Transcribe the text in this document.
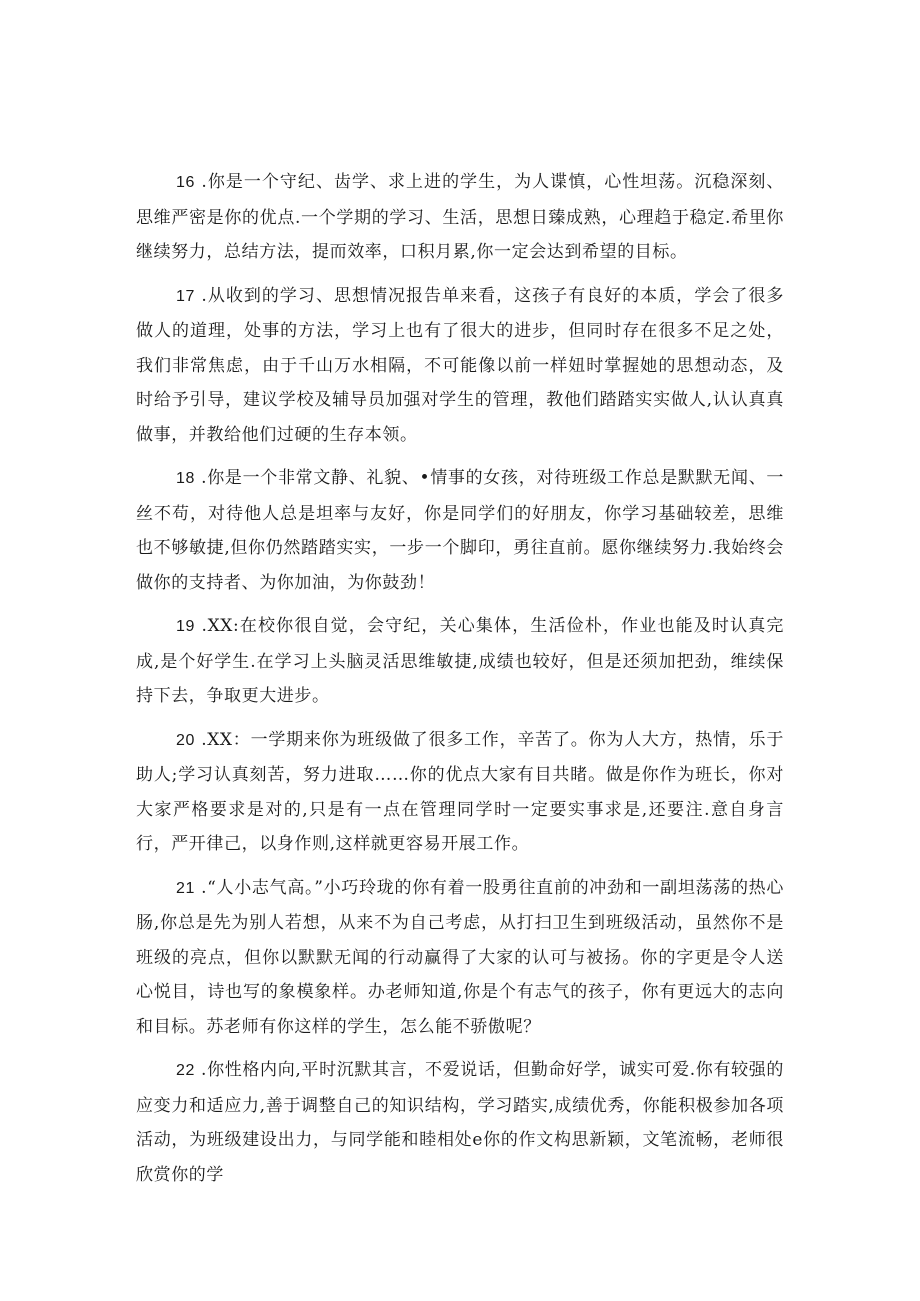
16 .你是一个守纪、齿学、求上进的学生，为人谍慎，心性坦荡。沉稳深刻、思维严密是你的优点.一个学期的学习、生活，思想日臻成熟，心理趋于稳定.希里你继续努力，总结方法，提而效率，口积月累,你一定会达到希望的目标。

17 .从收到的学习、思想情况报告单来看，这孩子有良好的本质，学会了很多做人的道理，处事的方法，学习上也有了很大的进步，但同时存在很多不足之处，我们非常焦虑，由于千山万水相隔，不可能像以前一样妞时掌握她的思想动态，及时给予引导，建议学校及辅导员加强对学生的管理，教他们踏踏实实做人,认认真真做事，并教给他们过硬的生存本领。

18 .你是一个非常文静、礼貌、•情事的女孩，对待班级工作总是默默无闻、一丝不苟，对待他人总是坦率与友好，你是同学们的好朋友，你学习基础较差，思维也不够敏捷,但你仍然踏踏实实，一步一个脚印，勇往直前。愿你继续努力.我始终会做你的支持者、为你加油，为你鼓劲！

19 .XX:在校你很自觉，会守纪，关心集体，生活俭朴，作业也能及时认真完成,是个好学生.在学习上头脑灵活思维敏捷,成绩也较好，但是还须加把劲，维续保持下去，争取更大进步。

20 .XX：一学期来你为班级做了很多工作，辛苦了。你为人大方，热情，乐于助人;学习认真刻苦，努力进取……你的优点大家有目共睹。做是你作为班长，你对大家严格要求是对的,只是有一点在管理同学时一定要实事求是,还要注.意自身言行，严开律己，以身作则,这样就更容易开展工作。

21 .“人小志气高。”小巧玲珑的你有着一股勇往直前的冲劲和一副坦荡荡的热心肠,你总是先为别人若想，从来不为自己考虑，从打扫卫生到班级活动，虽然你不是班级的亮点，但你以默默无闻的行动赢得了大家的认可与被扬。你的字更是令人送心悦目，诗也写的象模象样。办老师知道,你是个有志气的孩子，你有更远大的志向和目标。苏老师有你这样的学生，怎么能不骄傲呢？

22 .你性格内向,平时沉默其言，不爱说话，但勤命好学，诚实可爱.你有较强的应变力和适应力,善于调整自己的知识结构，学习踏实,成绩优秀，你能积极参加各项活动，为班级建设出力，与同学能和睦相处e你的作文构思新颖，文笔流畅，老师很欣赏你的学
